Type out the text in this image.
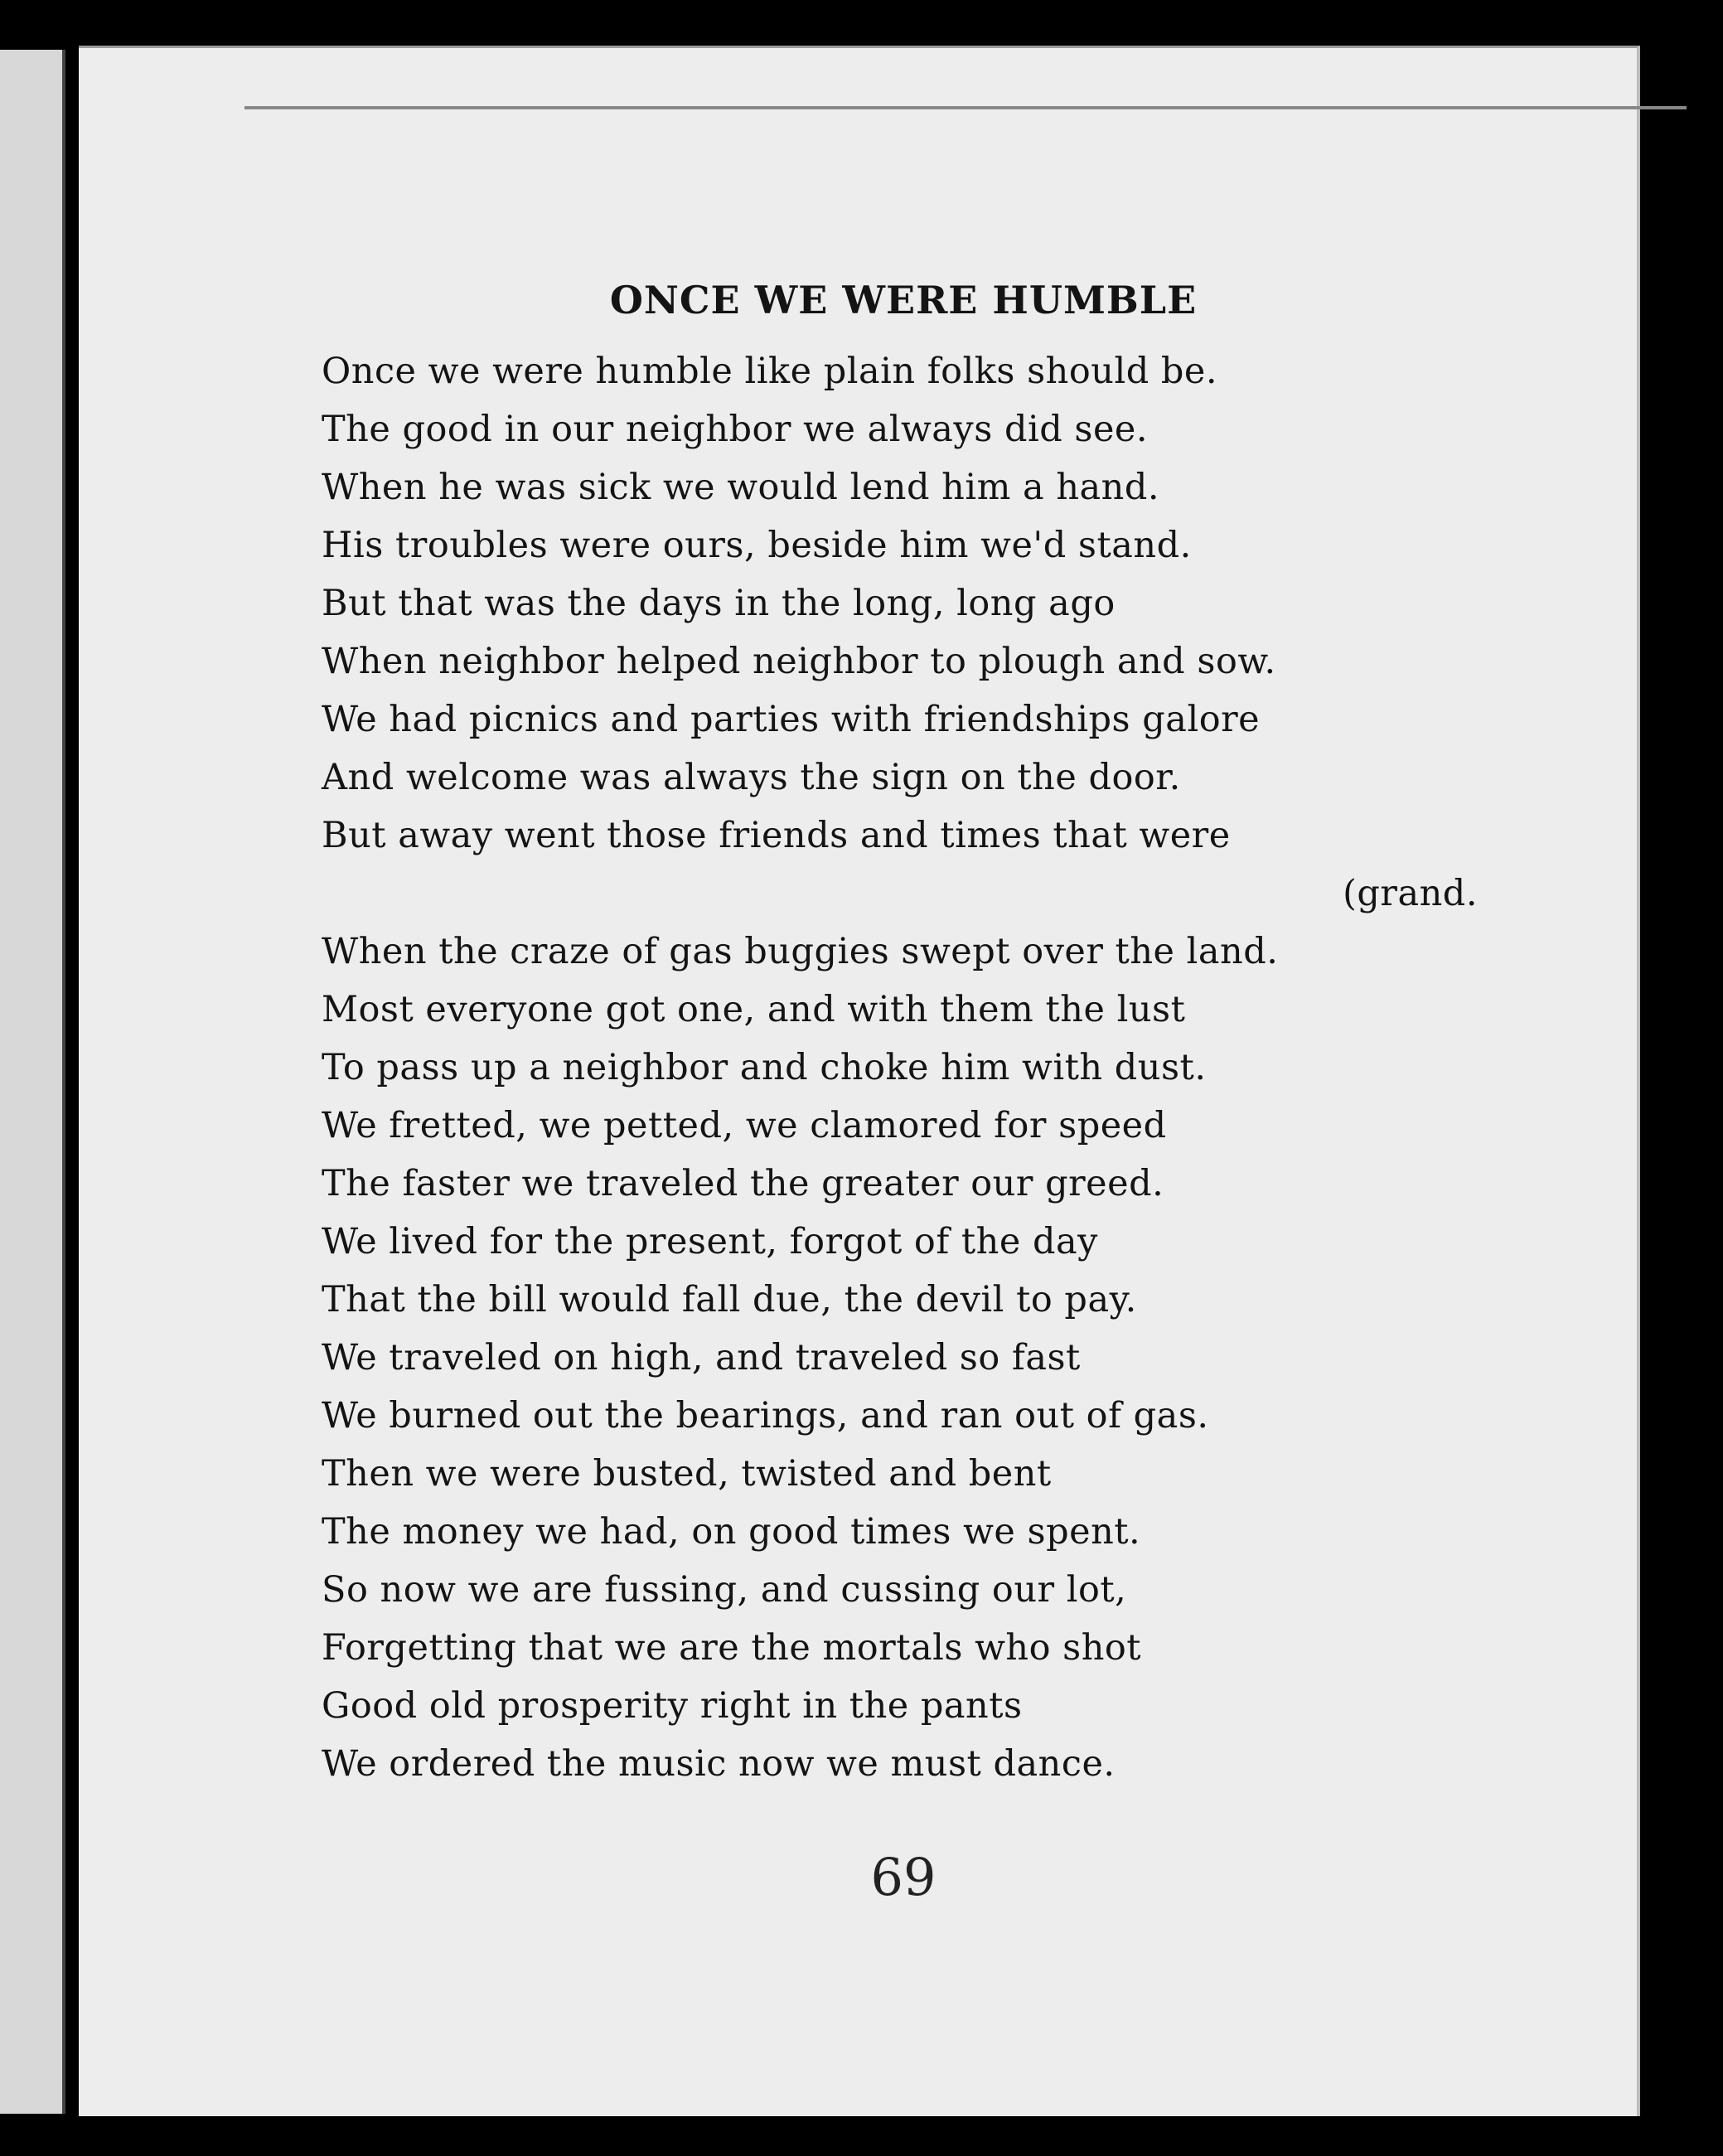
ONCE WE WERE HUMBLE
Once we were humble like plain folks should be.
The good in our neighbor we always did see.
When he was sick we would lend him a hand.
His troubles were ours, beside him we'd stand.
But that was the days in the long, long ago
When neighbor helped neighbor to plough and sow.
We had picnics and parties with friendships galore
And welcome was always the sign on the door.
But away went those friends and times that were
(grand.
When the craze of gas buggies swept over the land.
Most everyone got one, and with them the lust
To pass up a neighbor and choke him with dust.
We fretted, we petted, we clamored for speed
The faster we traveled the greater our greed.
We lived for the present, forgot of the day
That the bill would fall due, the devil to pay.
We traveled on high, and traveled so fast
We burned out the bearings, and ran out of gas.
Then we were busted, twisted and bent
The money we had, on good times we spent.
So now we are fussing, and cussing our lot,
Forgetting that we are the mortals who shot
Good old prosperity right in the pants
We ordered the music now we must dance.
69
